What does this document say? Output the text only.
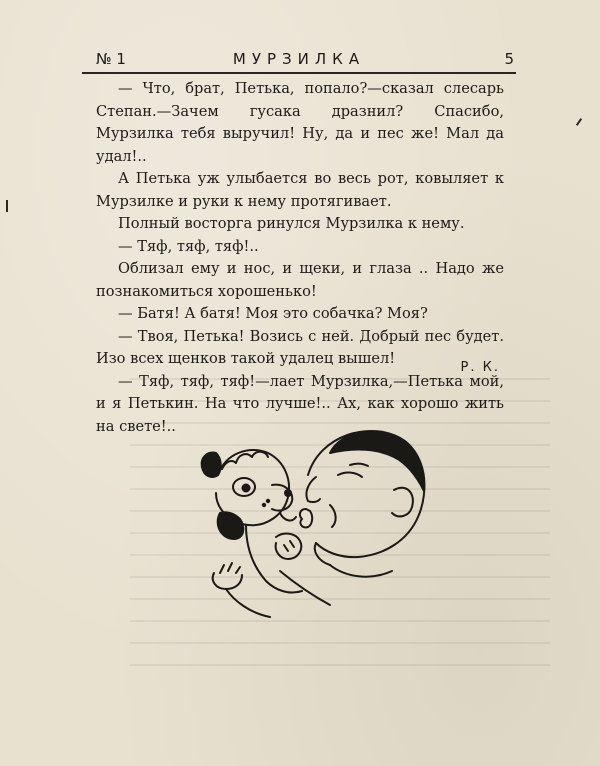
№ 1	МУРЗИЛКА	5

— Что, брат, Петька, попало?—сказал слесарь Степан.—Зачем гусака дразнил? Спасибо, Мурзилка тебя выручил! Ну, да и пес же! Мал да удал!..

А Петька уж улыбается во весь рот, ковыляет к Мурзилке и руки к нему протягивает.

Полный восторга ринулся Мурзилка к нему.

— Тяф, тяф, тяф!..

Облизал ему и нос, и щеки, и глаза .. Надо же познакомиться хорошенько!

— Батя! А батя! Моя это собачка? Моя?

— Твоя, Петька! Возись с ней. Добрый пес будет. Изо всех щенков такой удалец вышел!

— Тяф, тяф, тяф!—лает Мурзилка,—Петька мой, и я Петькин. На что лучше!.. Ах, как хорошо жить на свете!..

Р. К.
